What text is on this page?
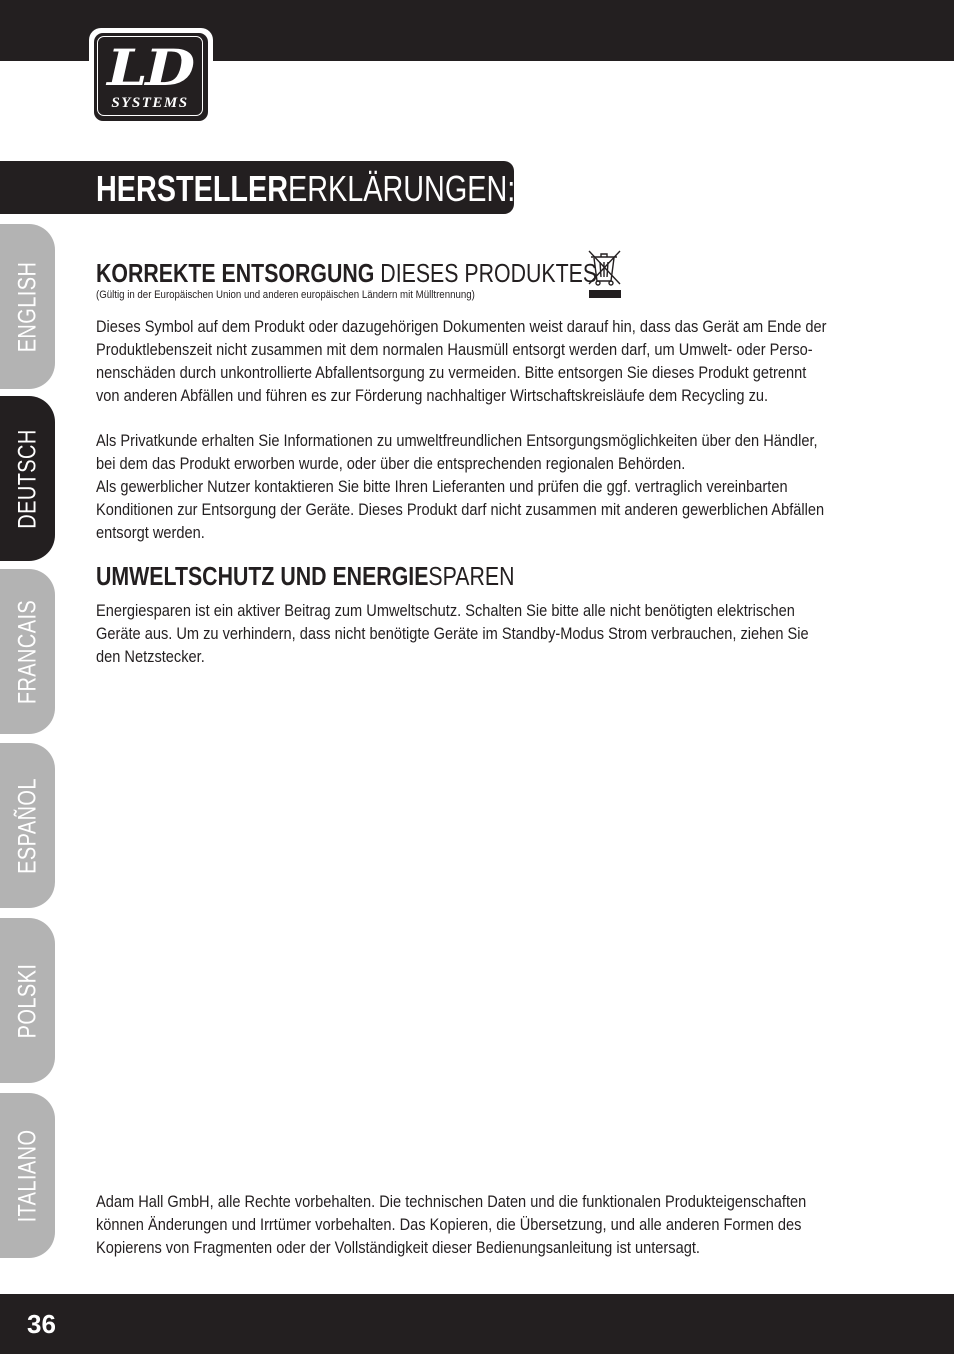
LD
SYSTEMS
HERSTELLERERKLÄRUNGEN:
ENGLISH
DEUTSCH
FRANCAIS
ESPAÑOL
POLSKI
ITALIANO
KORREKTE ENTSORGUNG DIESES PRODUKTES
(Gültig in der Europäischen Union und anderen europäischen Ländern mit Mülltrennung)

Dieses Symbol auf dem Produkt oder dazugehörigen Dokumenten weist darauf hin, dass das Gerät am Ende der
Produktlebenszeit nicht zusammen mit dem normalen Hausmüll entsorgt werden darf, um Umwelt- oder Perso-
nenschäden durch unkontrollierte Abfallentsorgung zu vermeiden. Bitte entsorgen Sie dieses Produkt getrennt
von anderen Abfällen und führen es zur Förderung nachhaltiger Wirtschaftskreisläufe dem Recycling zu.

Als Privatkunde erhalten Sie Informationen zu umweltfreundlichen Entsorgungsmöglichkeiten über den Händler,
bei dem das Produkt erworben wurde, oder über die entsprechenden regionalen Behörden.
Als gewerblicher Nutzer kontaktieren Sie bitte Ihren Lieferanten und prüfen die ggf. vertraglich vereinbarten
Konditionen zur Entsorgung der Geräte. Dieses Produkt darf nicht zusammen mit anderen gewerblichen Abfällen
entsorgt werden.

UMWELTSCHUTZ UND ENERGIESPAREN

Energiesparen ist ein aktiver Beitrag zum Umweltschutz. Schalten Sie bitte alle nicht benötigten elektrischen
Geräte aus. Um zu verhindern, dass nicht benötigte Geräte im Standby-Modus Strom verbrauchen, ziehen Sie
den Netzstecker.

Adam Hall GmbH, alle Rechte vorbehalten. Die technischen Daten und die funktionalen Produkteigenschaften
können Änderungen und Irrtümer vorbehalten. Das Kopieren, die Übersetzung, und alle anderen Formen des
Kopierens von Fragmenten oder der Vollständigkeit dieser Bedienungsanleitung ist untersagt.

36
